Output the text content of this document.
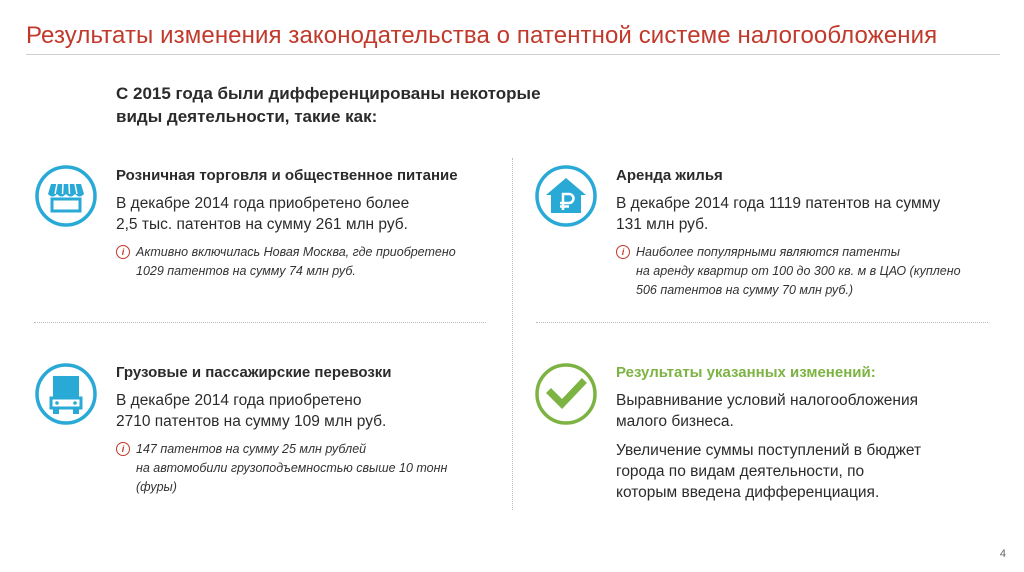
Результаты изменения законодательства о патентной системе налогообложения
С 2015 года были дифференцированы некоторые
виды деятельности, такие как:
Розничная торговля и общественное питание
В декабре 2014 года приобретено более
2,5 тыс. патентов на сумму 261 млн руб.
i Активно включилась Новая Москва, где приобретено
1029 патентов на сумму 74 млн руб.
Аренда жилья
В декабре 2014 года 1119 патентов на сумму
131 млн руб.
i Наиболее популярными являются патенты
на аренду квартир от 100 до 300 кв. м в ЦАО (куплено
506 патентов на сумму 70 млн руб.)
Грузовые и пассажирские перевозки
В декабре 2014 года приобретено
2710 патентов на сумму 109 млн руб.
i 147 патентов на сумму 25 млн рублей
на автомобили грузоподъемностью свыше 10 тонн
(фуры)
Результаты указанных изменений:

Выравнивание условий налогообложения
малого бизнеса.

Увеличение суммы поступлений в бюджет
города по видам деятельности, по
которым введена дифференциация.

4
